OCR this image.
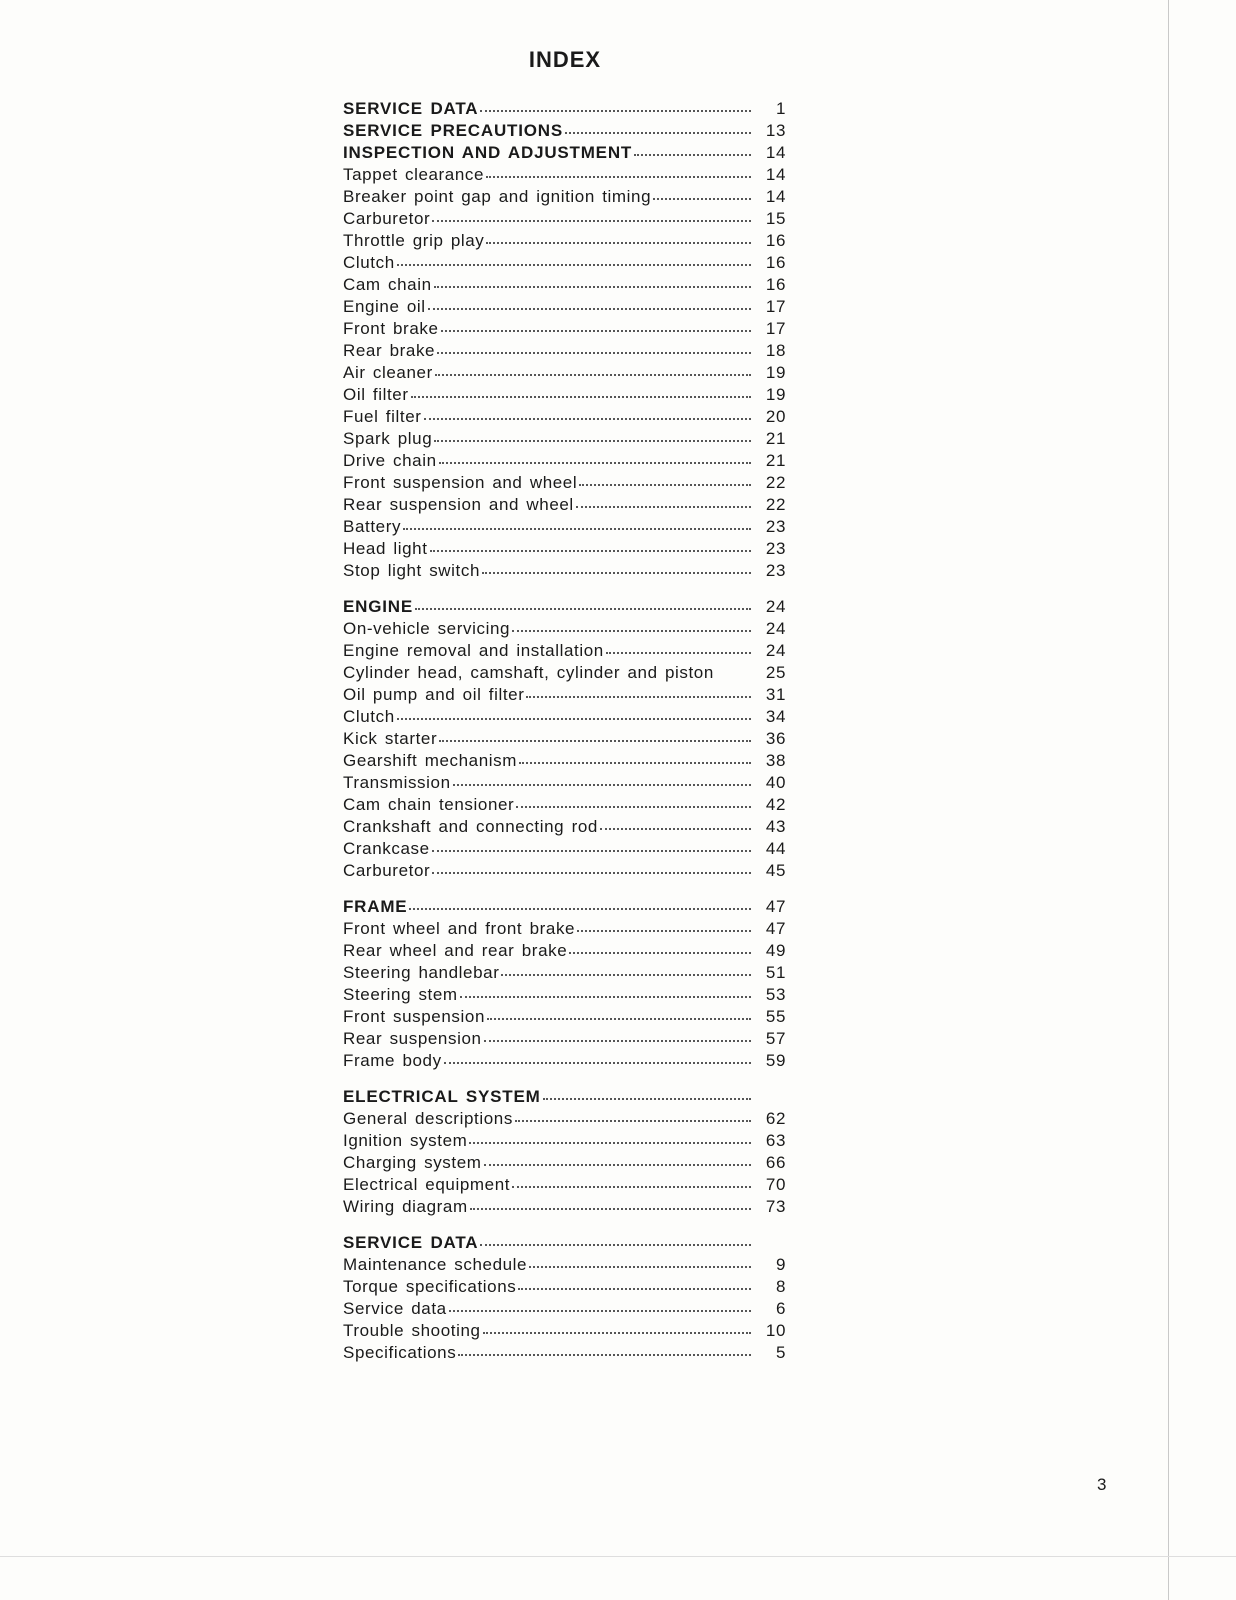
INDEX
SERVICE DATA	1
SERVICE PRECAUTIONS	13
INSPECTION AND ADJUSTMENT	14
Tappet clearance	14
Breaker point gap and ignition timing	14
Carburetor	15
Throttle grip play	16
Clutch	16
Cam chain	16
Engine oil	17
Front brake	17
Rear brake	18
Air cleaner	19
Oil filter	19
Fuel filter	20
Spark plug	21
Drive chain	21
Front suspension and wheel	22
Rear suspension and wheel	22
Battery	23
Head light	23
Stop light switch	23
ENGINE	24
On-vehicle servicing	24
Engine removal and installation	24
Cylinder head, camshaft, cylinder and piston	25
Oil pump and oil filter	31
Clutch	34
Kick starter	36
Gearshift mechanism	38
Transmission	40
Cam chain tensioner	42
Crankshaft and connecting rod	43
Crankcase	44
Carburetor	45
FRAME	47
Front wheel and front brake	47
Rear wheel and rear brake	49
Steering handlebar	51
Steering stem	53
Front suspension	55
Rear suspension	57
Frame body	59
ELECTRICAL SYSTEM
General descriptions	62
Ignition system	63
Charging system	66
Electrical equipment	70
Wiring diagram	73
SERVICE DATA
Maintenance schedule	9
Torque specifications	8
Service data	6
Trouble shooting	10
Specifications	5
3
